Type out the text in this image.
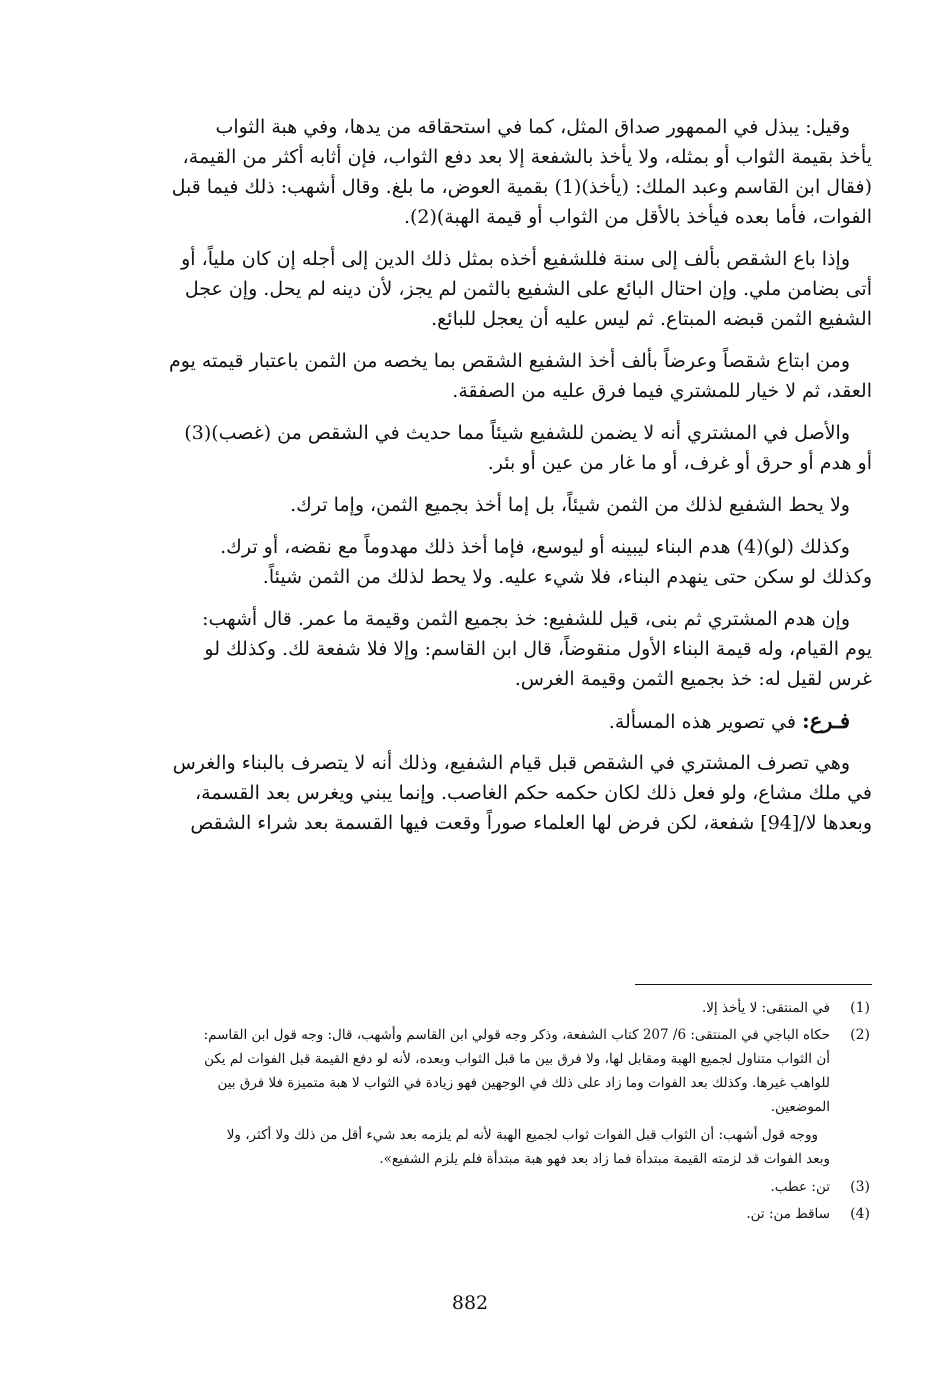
وقيل: يبذل في الممهور صداق المثل، كما في استحقاقه من يدها، وفي هبة الثواب
يأخذ بقيمة الثواب أو بمثله، ولا يأخذ بالشفعة إلا بعد دفع الثواب، فإن أثابه أكثر من القيمة،
(فقال ابن القاسم وعبد الملك: (يأخذ)(1) بقمية العوض، ما بلغ. وقال أشهب: ذلك فيما قبل
الفوات، فأما بعده فيأخذ بالأقل من الثواب أو قيمة الهبة)(2).
وإذا باع الشقص بألف إلى سنة فللشفيع أخذه بمثل ذلك الدين إلى أجله إن كان ملياً، أو
أتى بضامن ملي. وإن احتال البائع على الشفيع بالثمن لم يجز، لأن دينه لم يحل. وإن عجل
الشفيع الثمن قبضه المبتاع. ثم ليس عليه أن يعجل للبائع.
ومن ابتاع شقصاً وعرضاً بألف أخذ الشفيع الشقص بما يخصه من الثمن باعتبار قيمته يوم
العقد، ثم لا خيار للمشتري فيما فرق عليه من الصفقة.
والأصل في المشتري أنه لا يضمن للشفيع شيئاً مما حديث في الشقص من (غصب)(3)
أو هدم أو حرق أو غرف، أو ما غار من عين أو بئر.
ولا يحط الشفيع لذلك من الثمن شيئاً، بل إما أخذ بجميع الثمن، وإما ترك.
وكذلك (لو)(4) هدم البناء ليبينه أو ليوسع، فإما أخذ ذلك مهدوماً مع نقضه، أو ترك.
وكذلك لو سكن حتى ينهدم البناء، فلا شيء عليه. ولا يحط لذلك من الثمن شيئاً.
وإن هدم المشتري ثم بنى، قيل للشفيع: خذ بجميع الثمن وقيمة ما عمر. قال أشهب:
يوم القيام، وله قيمة البناء الأول منقوضاً، قال ابن القاسم: وإلا فلا شفعة لك. وكذلك لو
غرس لقيل له: خذ بجميع الثمن وقيمة الغرس.
فـرع:في تصوير هذه المسألة.
وهي تصرف المشتري في الشقص قبل قيام الشفيع، وذلك أنه لا يتصرف بالبناء والغرس
في ملك مشاع، ولو فعل ذلك لكان حكمه حكم الغاصب. وإنما يبني ويغرس بعد القسمة،
وبعدها لا/[94] شفعة، لكن فرض لها العلماء صوراً وقعت فيها القسمة بعد شراء الشقص
(1)
في المنتقى: لا يأخذ إلا.
(2)
حكاه الباجي في المنتقى: 6/ 207 كتاب الشفعة، وذكر وجه قولي ابن القاسم وأشهب، قال: وجه قول ابن القاسم:
أن الثواب متناول لجميع الهبة ومقابل لها، ولا فرق بين ما قبل الثواب وبعده، لأنه لو دفع القيمة قبل الفوات لم يكن
للواهب غيرها. وكذلك بعد الفوات وما زاد على ذلك في الوجهين فهو زيادة في الثواب لا هبة متميزة فلا فرق بين
الموضعين.
ووجه قول أشهب: أن الثواب قبل الفوات ثواب لجميع الهبة لأنه لم يلزمه بعد شيء أقل من ذلك ولا أكثر، ولا
وبعد الفوات قد لزمته القيمة مبتدأة فما زاد بعد فهو هبة مبتدأة فلم يلزم الشفيع».
(3)
تن: عطب.
(4)
ساقط من: تن.
882
